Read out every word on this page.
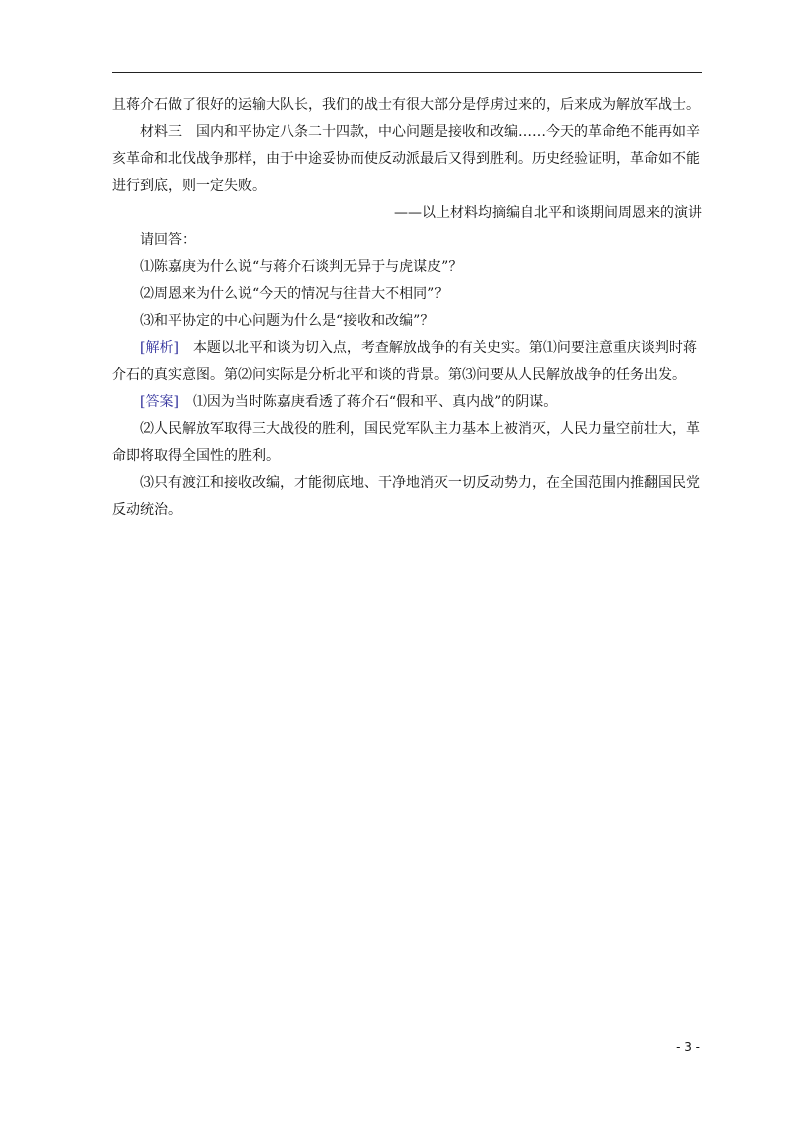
且蒋介石做了很好的运输大队长，我们的战士有很大部分是俘虏过来的，后来成为解放军战士。

材料三 国内和平协定八条二十四款，中心问题是接收和改编……今天的革命绝不能再如辛亥革命和北伐战争那样，由于中途妥协而使反动派最后又得到胜利。历史经验证明，革命如不能进行到底，则一定失败。

——以上材料均摘编自北平和谈期间周恩来的演讲

请回答：

⑴陈嘉庚为什么说“与蒋介石谈判无异于与虎谋皮”？

⑵周恩来为什么说“今天的情况与往昔大不相同”？

⑶和平协定的中心问题为什么是“接收和改编”？

[解析] 本题以北平和谈为切入点，考查解放战争的有关史实。第⑴问要注意重庆谈判时蒋介石的真实意图。第⑵问实际是分析北平和谈的背景。第⑶问要从人民解放战争的任务出发。

[答案] ⑴因为当时陈嘉庚看透了蒋介石“假和平、真内战”的阴谋。

⑵人民解放军取得三大战役的胜利，国民党军队主力基本上被消灭，人民力量空前壮大，革命即将取得全国性的胜利。

⑶只有渡江和接收改编，才能彻底地、干净地消灭一切反动势力，在全国范围内推翻国民党反动统治。

- 3 -
